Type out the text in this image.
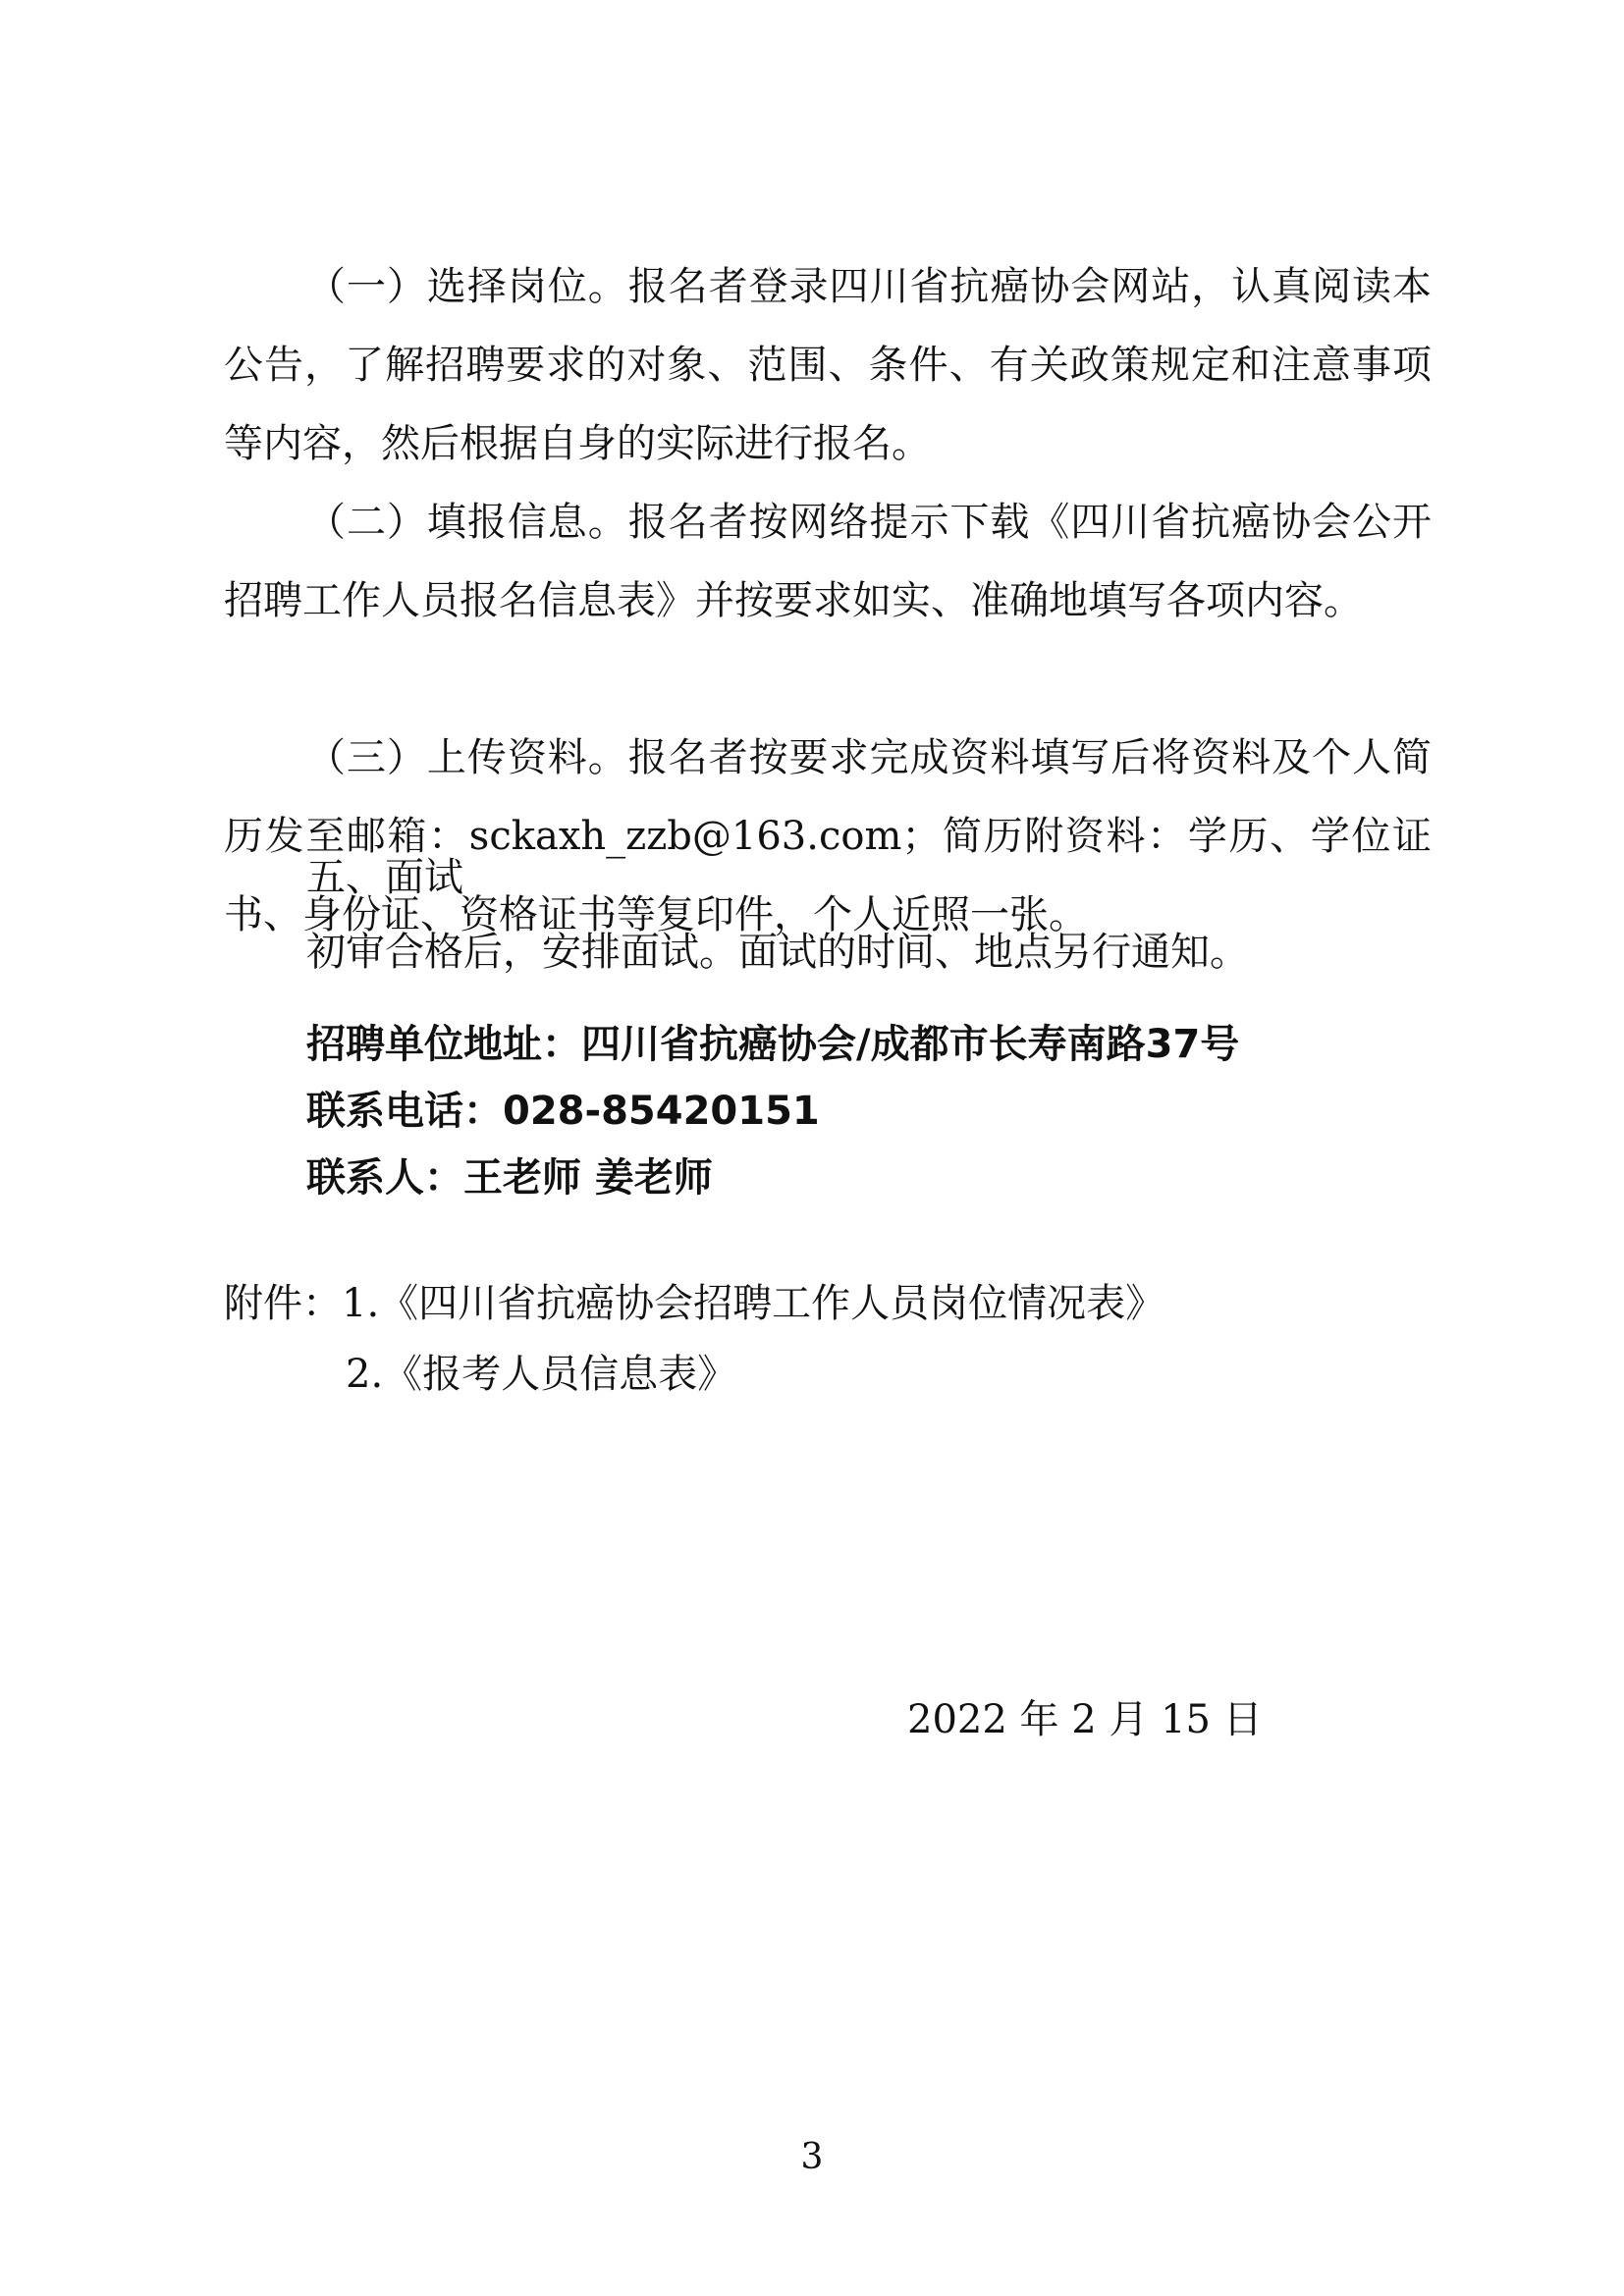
（一）选择岗位。报名者登录四川省抗癌协会网站，认真阅读本公告，了解招聘要求的对象、范围、条件、有关政策规定和注意事项等内容，然后根据自身的实际进行报名。
（二）填报信息。报名者按网络提示下载《四川省抗癌协会公开招聘工作人员报名信息表》并按要求如实、准确地填写各项内容。
（三）上传资料。报名者按要求完成资料填写后将资料及个人简历发至邮箱：sckaxh_zzb@163.com；简历附资料：学历、学位证书、身份证、资格证书等复印件，个人近照一张。
五、面试
初审合格后，安排面试。面试的时间、地点另行通知。
招聘单位地址：四川省抗癌协会/成都市长寿南路37号
联系电话：028-85420151
联系人：王老师 姜老师
附件：1.《四川省抗癌协会招聘工作人员岗位情况表》
2.《报考人员信息表》
2022 年 2 月 15 日
3
